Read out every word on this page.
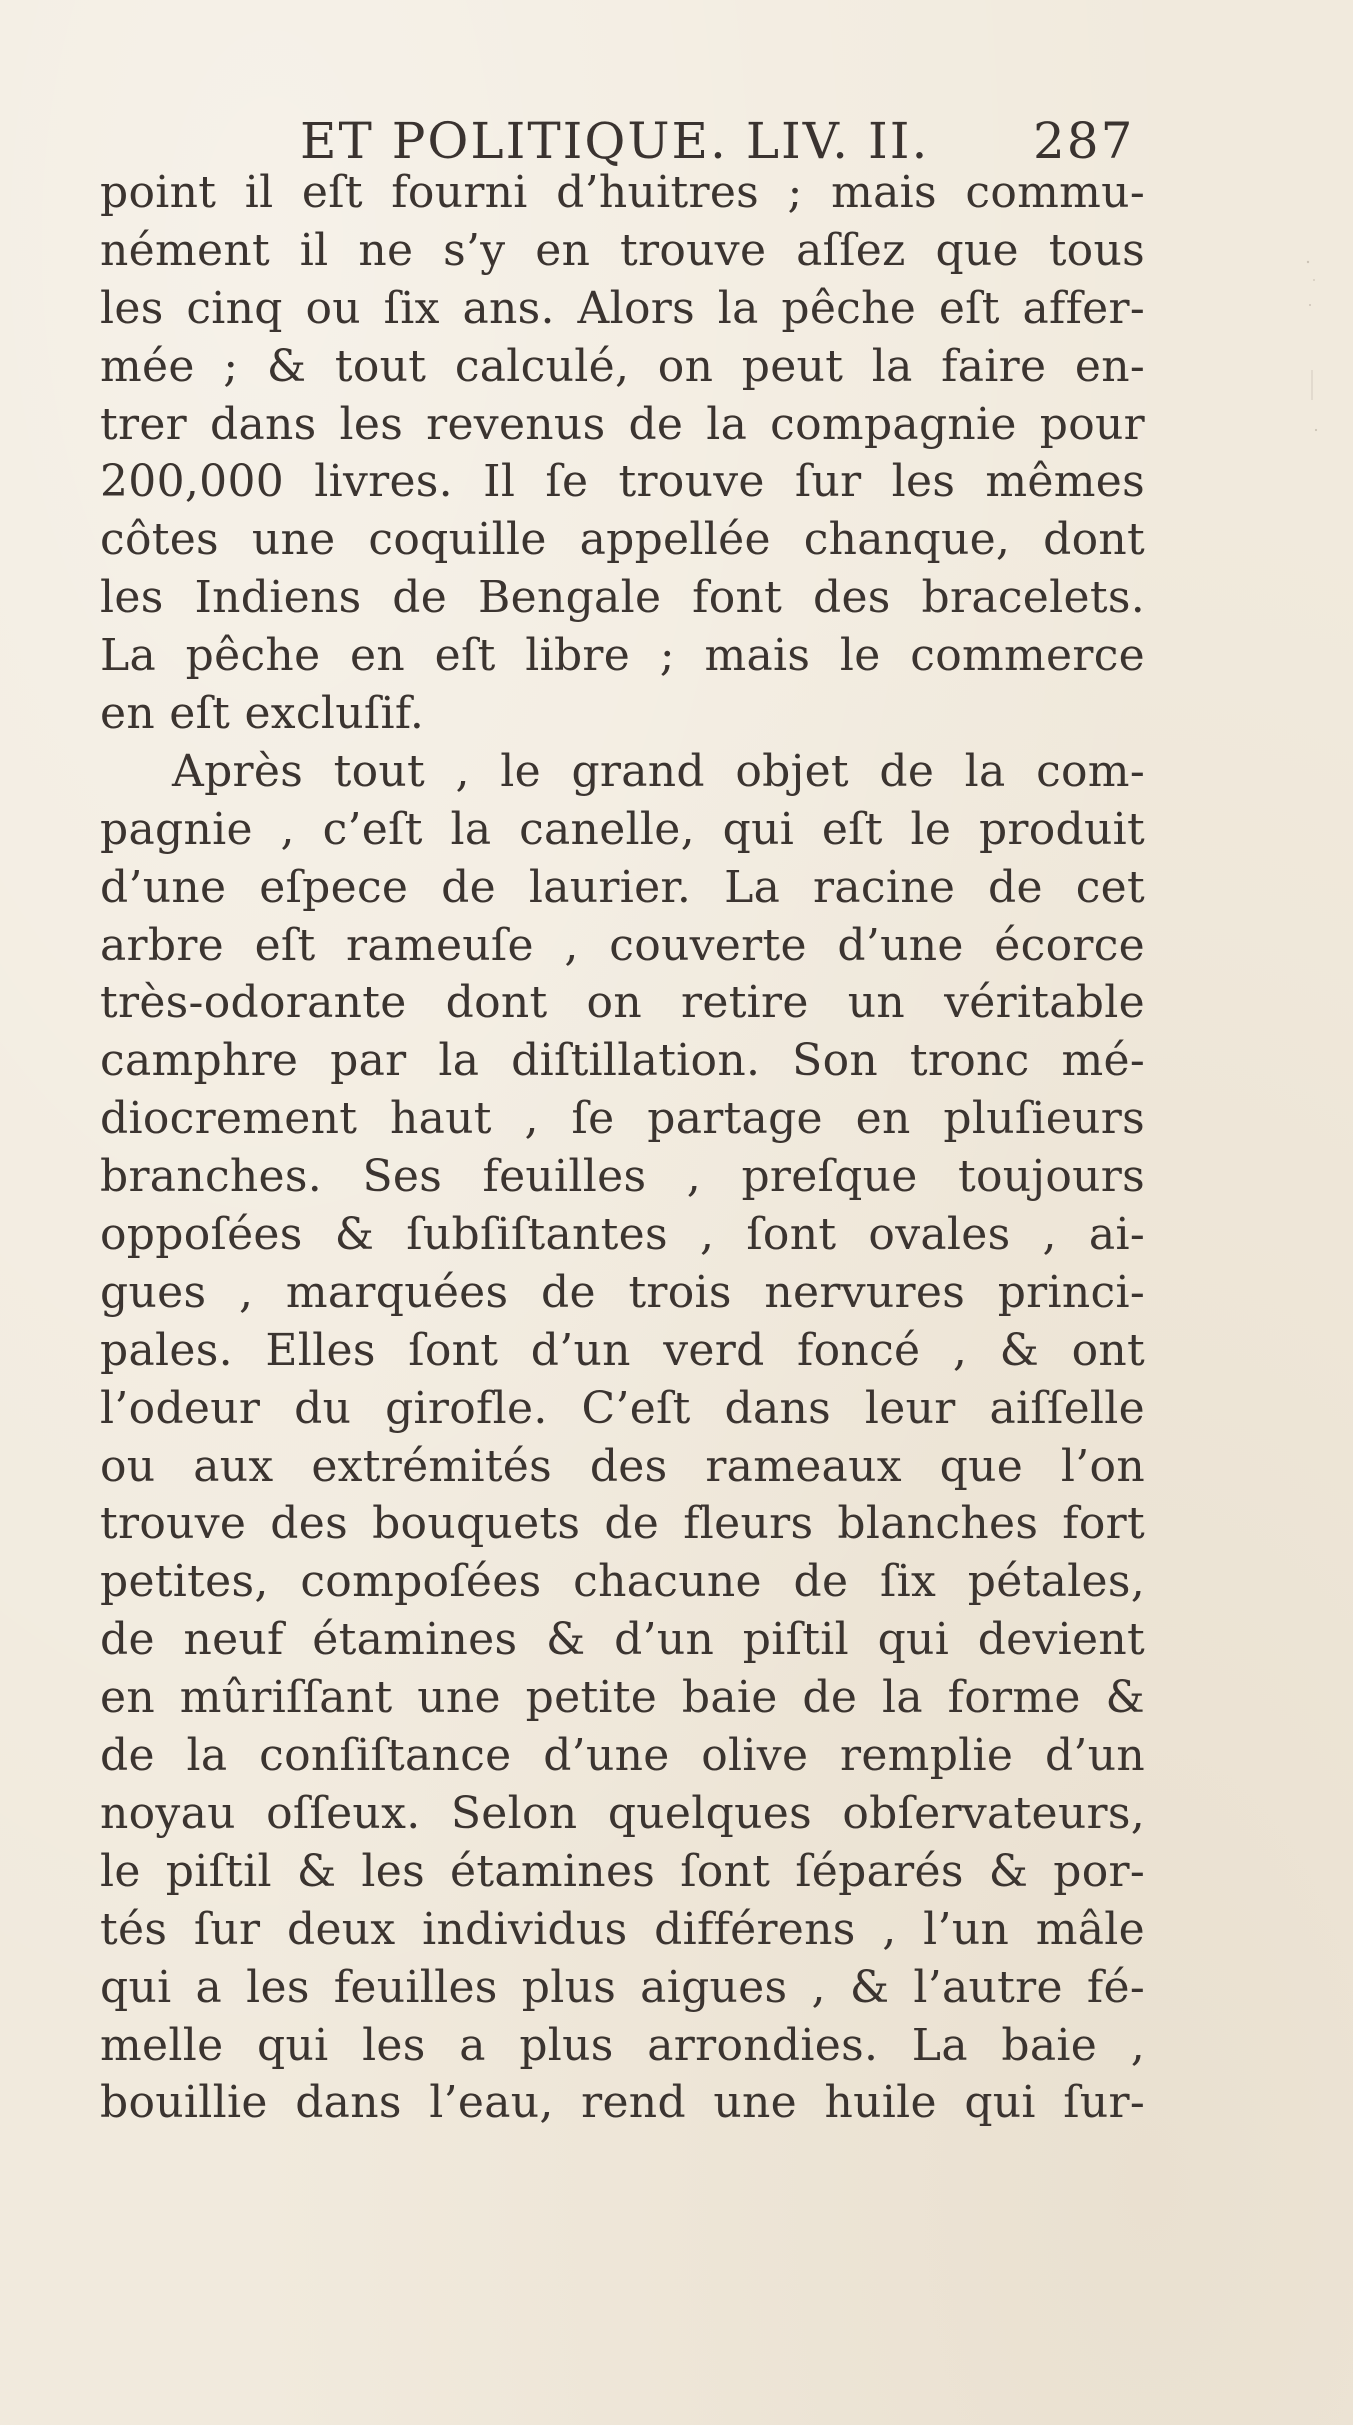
ET POLITIQUE. LIV. II. 287
point il eſt fourni d’huitres ; mais commu-
nément il ne s’y en trouve aſſez que tous
les cinq ou ſix ans. Alors la pêche eſt affer-
mée ; & tout calculé, on peut la faire en-
trer dans les revenus de la compagnie pour
200,000 livres. Il ſe trouve ſur les mêmes
côtes une coquille appellée chanque, dont
les Indiens de Bengale font des bracelets.
La pêche en eſt libre ; mais le commerce
en eſt excluſif.
Après tout , le grand objet de la com-
pagnie , c’eſt la canelle, qui eſt le produit
d’une eſpece de laurier. La racine de cet
arbre eſt rameuſe , couverte d’une écorce
très-odorante dont on retire un véritable
camphre par la diſtillation. Son tronc mé-
diocrement haut , ſe partage en pluſieurs
branches. Ses feuilles , preſque toujours
oppoſées & ſubſiſtantes , ſont ovales , ai-
gues , marquées de trois nervures princi-
pales. Elles ſont d’un verd foncé , & ont
l’odeur du girofle. C’eſt dans leur aiſſelle
ou aux extrémités des rameaux que l’on
trouve des bouquets de fleurs blanches fort
petites, compoſées chacune de ſix pétales,
de neuf étamines & d’un piſtil qui devient
en mûriſſant une petite baie de la forme &
de la conſiſtance d’une olive remplie d’un
noyau oſſeux. Selon quelques obſervateurs,
le piſtil & les étamines ſont ſéparés & por-
tés ſur deux individus différens , l’un mâle
qui a les feuilles plus aigues , & l’autre fé-
melle qui les a plus arrondies. La baie ,
bouillie dans l’eau, rend une huile qui ſur-
